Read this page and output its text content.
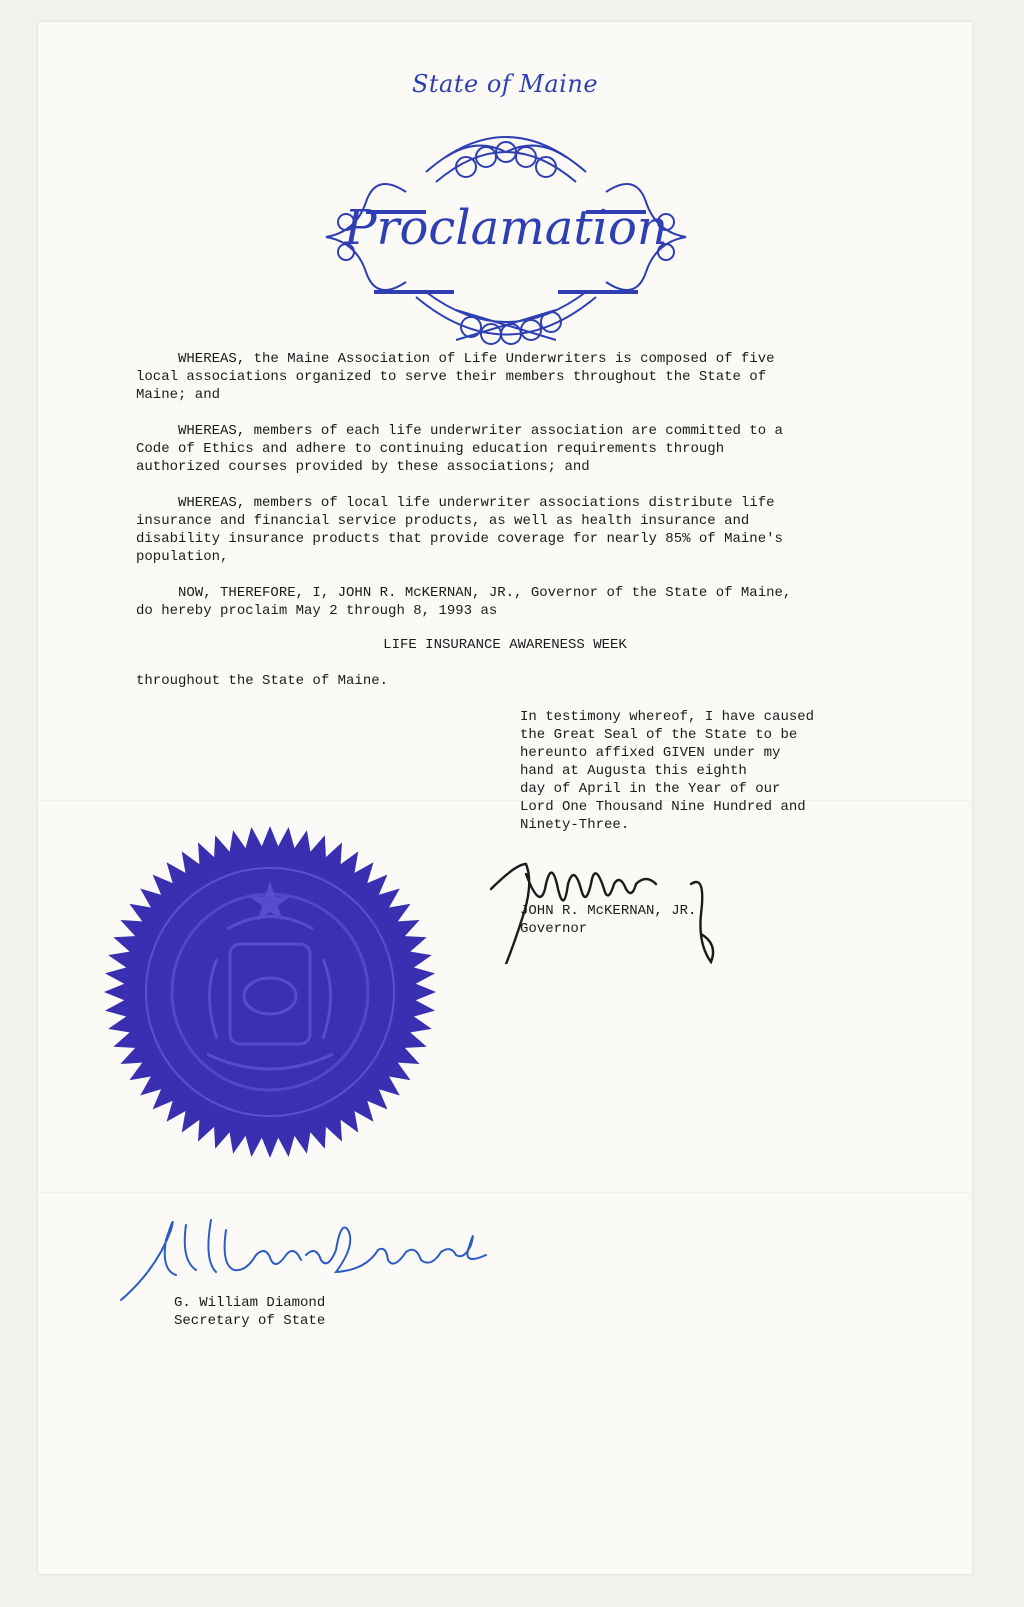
State of Maine
Proclamation

WHEREAS, the Maine Association of Life Underwriters is composed of five
local associations organized to serve their members throughout the State of
Maine; and

WHEREAS, members of each life underwriter association are committed to a
Code of Ethics and adhere to continuing education requirements through
authorized courses provided by these associations; and

WHEREAS, members of local life underwriter associations distribute life
insurance and financial service products, as well as health insurance and
disability insurance products that provide coverage for nearly 85% of Maine's
population,

NOW, THEREFORE, I, JOHN R. McKERNAN, JR., Governor of the State of Maine,
do hereby proclaim May 2 through 8, 1993 as

LIFE INSURANCE AWARENESS WEEK

throughout the State of Maine.

In testimony whereof, I have caused
the Great Seal of the State to be
hereunto affixed GIVEN under my
hand at Augusta this eighth
day of April in the Year of our
Lord One Thousand Nine Hundred and
Ninety-Three.

JOHN R. McKERNAN, JR.

Governor

G. William Diamond

Secretary of State
